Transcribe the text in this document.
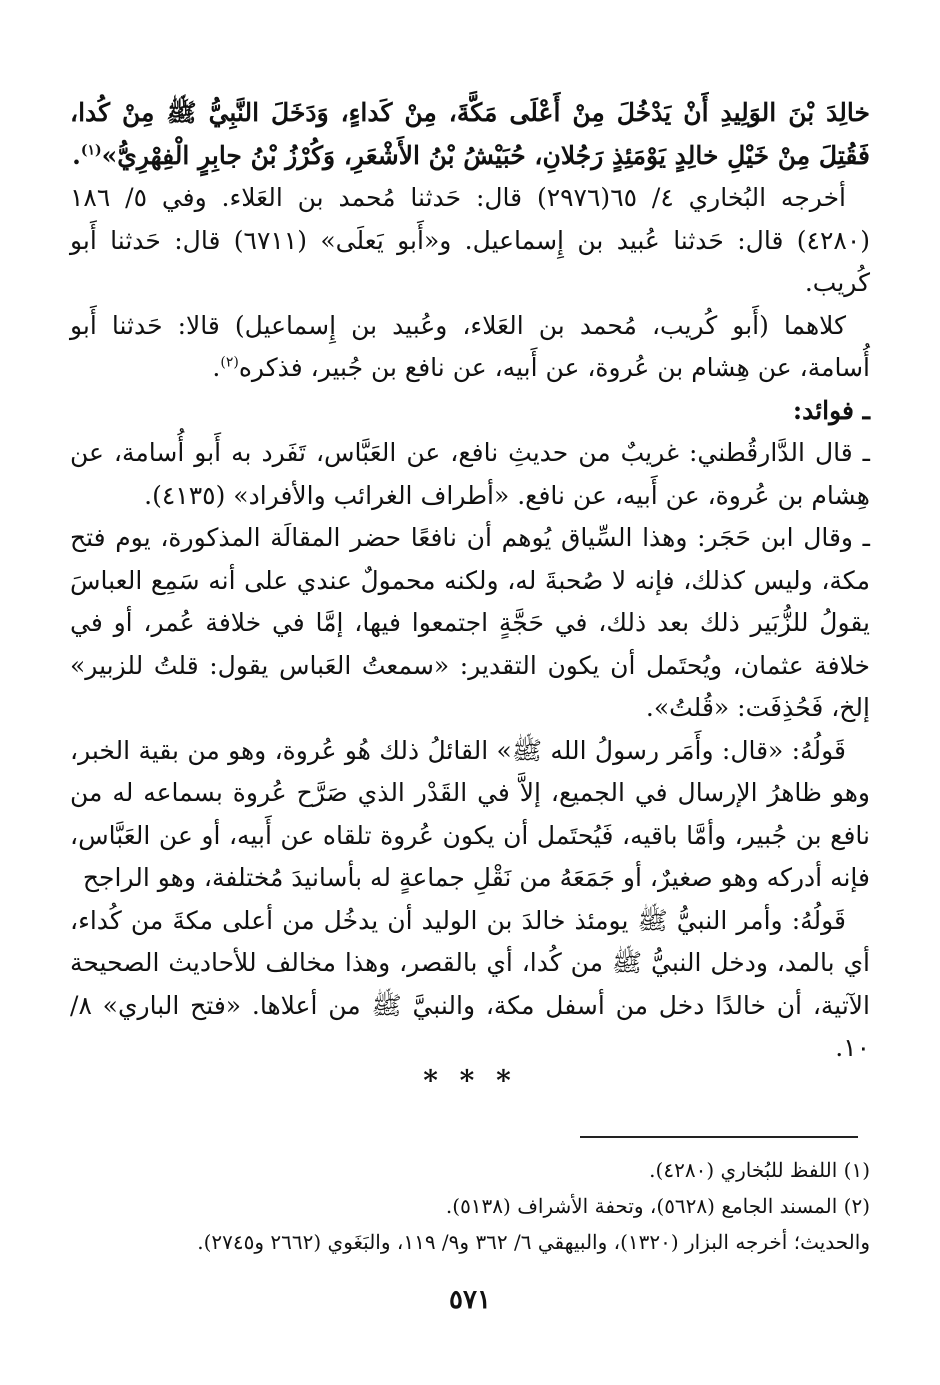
خالِدَ بْنَ الوَلِيدِ أَنْ يَدْخُلَ مِنْ أَعْلَى مَكَّةَ، مِنْ كَداءٍ، وَدَخَلَ النَّبِيُّ ﷺ مِنْ كُدا، فَقُتِلَ مِنْ خَيْلِ خالِدٍ يَوْمَئِذٍ رَجُلانِ، حُبَيْشُ بْنُ الأَشْعَرِ، وَكُرْزُ بْنُ جابِرٍ الْفِهْرِيُّ»$^{(١)}$.

أخرجه البُخاري ٤/ ٦٥(٢٩٧٦) قال: حَدثنا مُحمد بن العَلاء. وفي ٥/ ١٨٦ (٤٢٨٠) قال: حَدثنا عُبيد بن إِسماعيل. و«أَبو يَعلَى» (٦٧١١) قال: حَدثنا أَبو كُريب.

كلاهما (أَبو كُريب، مُحمد بن العَلاء، وعُبيد بن إِسماعيل) قالا: حَدثنا أَبو أُسامة، عن هِشام بن عُروة، عن أَبيه، عن نافع بن جُبير، فذكره$^{(٢)}$.

ـ فوائد:

ـ قال الدَّارقُطني: غريبٌ من حديثِ نافع، عن العَبَّاس، تَفَرد به أَبو أُسامة، عن هِشام بن عُروة، عن أَبيه، عن نافع. «أطراف الغرائب والأفراد» (٤١٣٥).

ـ وقال ابن حَجَر: وهذا السِّياق يُوهم أن نافعًا حضر المقالَة المذكورة، يوم فتح مكة، وليس كذلك، فإنه لا صُحبةَ له، ولكنه محمولٌ عندي على أنه سَمِع العباسَ يقولُ للزُّبَير ذلك بعد ذلك، في حَجَّةٍ اجتمعوا فيها، إمَّا في خلافة عُمر، أو في خلافة عثمان، ويُحتَمل أن يكون التقدير: «سمعتُ العَباس يقول: قلتُ للزبير» إلخ، فَحُذِفَت: «قُلتُ».

قَولُهُ: «قال: وأَمَر رسولُ الله ﷺ» القائلُ ذلك هُو عُروة، وهو من بقية الخبر، وهو ظاهرُ الإرسال في الجميع، إلاَّ في القَدْر الذي صَرَّح عُروة بسماعه له من نافع بن جُبير، وأمَّا باقيه، فَيُحتَمل أن يكون عُروة تلقاه عن أَبيه، أو عن العَبَّاس، فإنه أدركه وهو صغيرٌ، أو جَمَعَهُ من نَقْلِ جماعةٍ له بأسانيدَ مُختلفة، وهو الراجح

قَولُهُ: وأمر النبيُّ ﷺ يومئذ خالدَ بن الوليد أن يدخُل من أعلى مكةَ من كُداء، أي بالمد، ودخل النبيُّ ﷺ من كُدا، أي بالقصر، وهذا مخالف للأحاديث الصحيحة الآتية، أن خالدًا دخل من أسفل مكة، والنبيَّ ﷺ من أعلاها. «فتح الباري» ٨/ ١٠.

* * *

(١) اللفظ للبُخاري (٤٢٨٠).

(٢) المسند الجامع (٥٦٢٨)، وتحفة الأشراف (٥١٣٨).

والحديث؛ أخرجه البزار (١٣٢٠)، والبيهقي ٦/ ٣٦٢ و٩/ ١١٩، والبَغَوي (٢٦٦٢ و٢٧٤٥).

٥٧١
